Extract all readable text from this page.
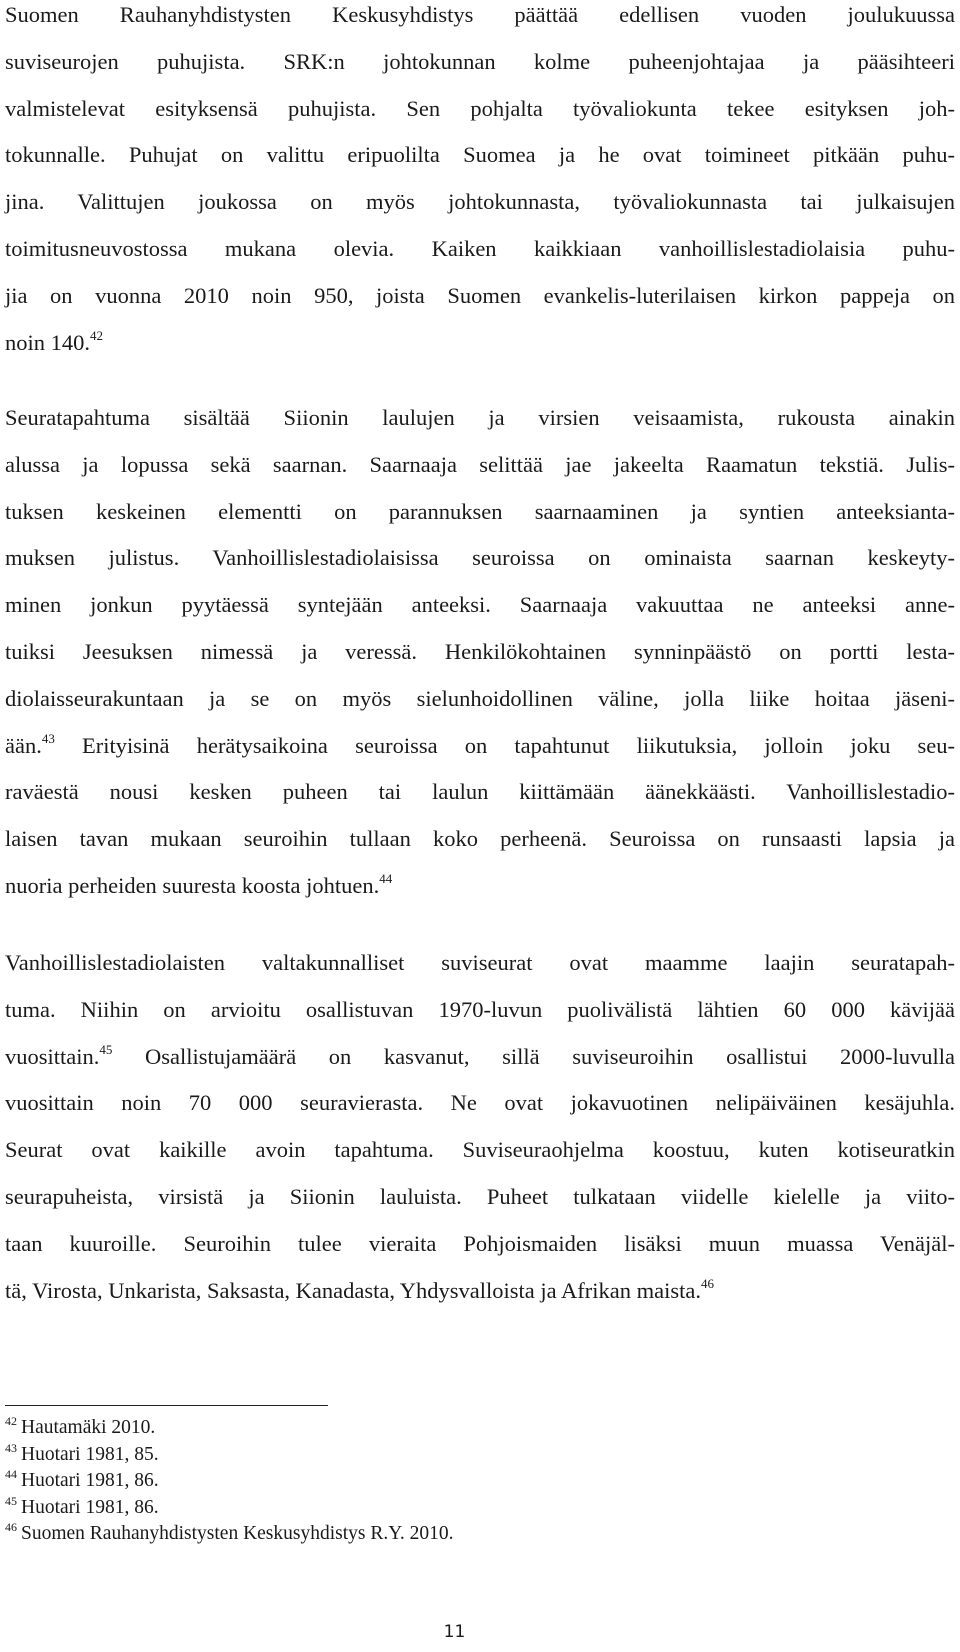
Suomen Rauhanyhdistysten Keskusyhdistys päättää edellisen vuoden joulukuussa
suviseurojen puhujista. SRK:n johtokunnan kolme puheenjohtajaa ja pääsihteeri
valmistelevat esityksensä puhujista. Sen pohjalta työvaliokunta tekee esityksen joh-
tokunnalle. Puhujat on valittu eripuolilta Suomea ja he ovat toimineet pitkään puhu-
jina. Valittujen joukossa on myös johtokunnasta, työvaliokunnasta tai julkaisujen
toimitusneuvostossa mukana olevia. Kaiken kaikkiaan vanhoillislestadiolaisia puhu-
jia on vuonna 2010 noin 950, joista Suomen evankelis-luterilaisen kirkon pappeja on
noin 140.42
Seuratapahtuma sisältää Siionin laulujen ja virsien veisaamista, rukousta ainakin
alussa ja lopussa sekä saarnan. Saarnaaja selittää jae jakeelta Raamatun tekstiä. Julis-
tuksen keskeinen elementti on parannuksen saarnaaminen ja syntien anteeksianta-
muksen julistus. Vanhoillislestadiolaisissa seuroissa on ominaista saarnan keskeyty-
minen jonkun pyytäessä syntejään anteeksi. Saarnaaja vakuuttaa ne anteeksi anne-
tuiksi Jeesuksen nimessä ja veressä. Henkilökohtainen synninpäästö on portti lesta-
diolaisseurakuntaan ja se on myös sielunhoidollinen väline, jolla liike hoitaa jäseni-
ään.$^{43}$ Erityisinä herätysaikoina seuroissa on tapahtunut liikutuksia, jolloin joku seu-
raväestä nousi kesken puheen tai laulun kiittämään äänekkäästi. Vanhoillislestadio-
laisen tavan mukaan seuroihin tullaan koko perheenä. Seuroissa on runsaasti lapsia ja
nuoria perheiden suuresta koosta johtuen.$^{44}$
Vanhoillislestadiolaisten valtakunnalliset suviseurat ovat maamme laajin seuratapah-
tuma. Niihin on arvioitu osallistuvan 1970-luvun puolivälistä lähtien 60 000 kävijää
vuosittain.$^{45}$ Osallistujamäärä on kasvanut, sillä suviseuroihin osallistui 2000-luvulla
vuosittain noin 70 000 seuravierasta. Ne ovat jokavuotinen nelipäiväinen kesäjuhla.
Seurat ovat kaikille avoin tapahtuma. Suviseuraohjelma koostuu, kuten kotiseuratkin
seurapuheista, virsistä ja Siionin lauluista. Puheet tulkataan viidelle kielelle ja viito-
taan kuuroille. Seuroihin tulee vieraita Pohjoismaiden lisäksi muun muassa Venäjäl-
tä, Virosta, Unkarista, Saksasta, Kanadasta, Yhdysvalloista ja Afrikan maista.$^{46}$
$^{42}$ Hautamäki 2010.
$^{43}$ Huotari 1981, 85.
$^{44}$ Huotari 1981, 86.
$^{45}$ Huotari 1981, 86.
$^{46}$ Suomen Rauhanyhdistysten Keskusyhdistys R.Y. 2010.
11
